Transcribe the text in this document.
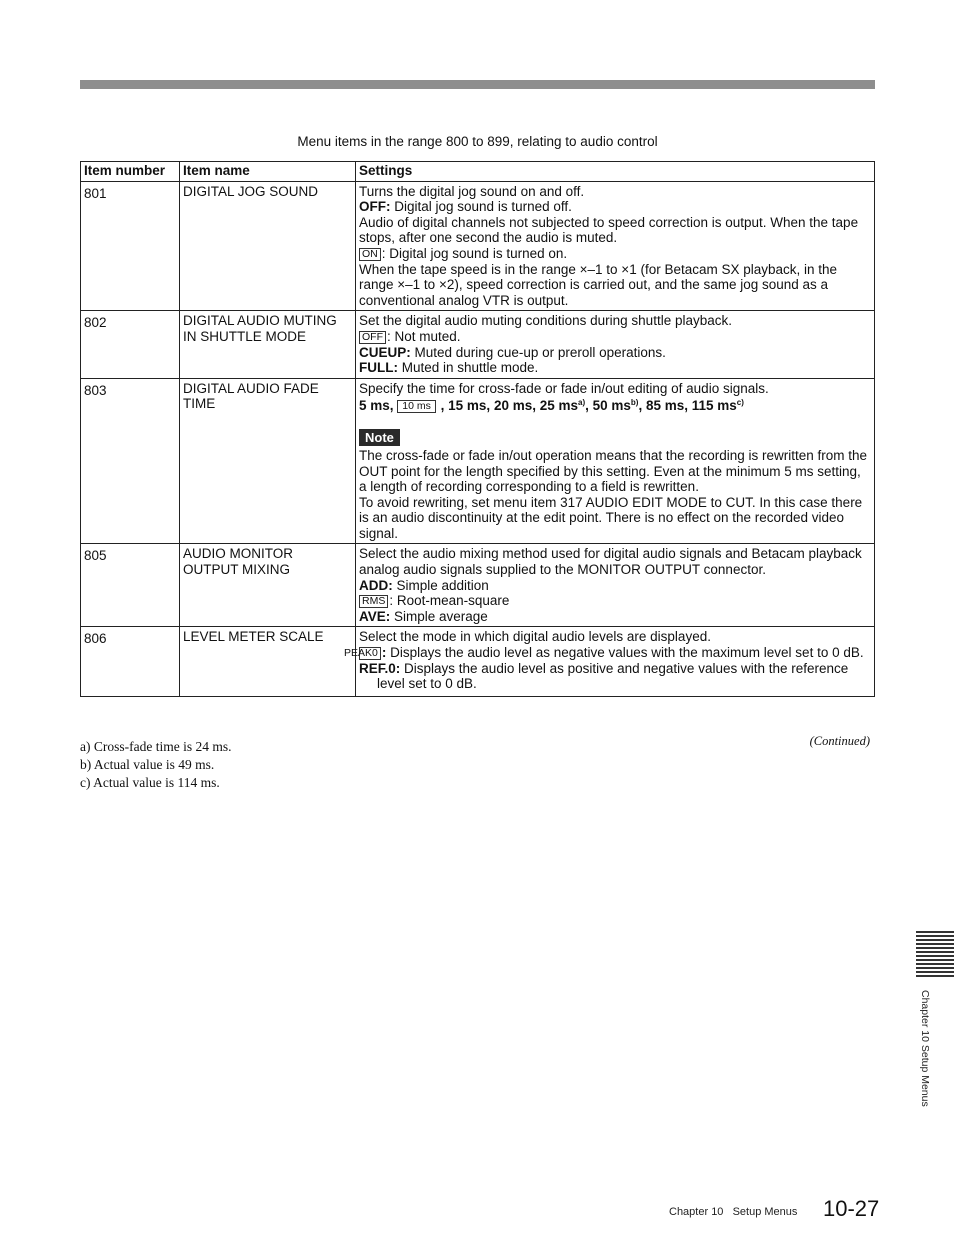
Menu items in the range 800 to 899, relating to audio control
Item number	Item name	Settings
801	DIGITAL JOG SOUND	Turns the digital jog sound on and off.
OFF: Digital jog sound is turned off.
Audio of digital channels not subjected to speed correction is output. When the tape stops, after one second the audio is muted.
ON : Digital jog sound is turned on.
When the tape speed is in the range ×–1 to ×1 (for Betacam SX playback, in the range ×–1 to ×2), speed correction is carried out, and the same jog sound as a conventional analog VTR is output.

802	DIGITAL AUDIO MUTING IN SHUTTLE MODE	Set the digital audio muting conditions during shuttle playback.
OFF : Not muted.
CUEUP: Muted during cue-up or preroll operations.
FULL: Muted in shuttle mode.

803	DIGITAL AUDIO FADE TIME	Specify the time for cross-fade or fade in/out editing of audio signals.
5 ms, 10 ms , 15 ms, 20 ms, 25 $ms^{a)}$, 50 $ms^{b)}$, 85 ms, 115 $ms^{c)}$
Note
The cross-fade or fade in/out operation means that the recording is rewritten from the OUT point for the length specified by this setting. Even at the minimum 5 ms setting, a length of recording corresponding to a field is rewritten.
To avoid rewriting, set menu item 317 AUDIO EDIT MODE to CUT. In this case there is an audio discontinuity at the edit point. There is no effect on the recorded video signal.

805	AUDIO MONITOR OUTPUT MIXING	Select the audio mixing method used for digital audio signals and Betacam playback analog audio signals supplied to the MONITOR OUTPUT connector.
ADD: Simple addition
RMS : Root-mean-square
AVE: Simple average

806	LEVEL METER SCALE	Select the mode in which digital audio levels are displayed.
PEAK0 : Displays the audio level as negative values with the maximum level set to 0 dB.
REF.0: Displays the audio level as positive and negative values with the reference level set to 0 dB.
(Continued)
a) Cross-fade time is 24 ms.
b) Actual value is 49 ms.
c) Actual value is 114 ms.
Chapter 10 Setup Menus
Chapter 10   Setup Menus 10-27
